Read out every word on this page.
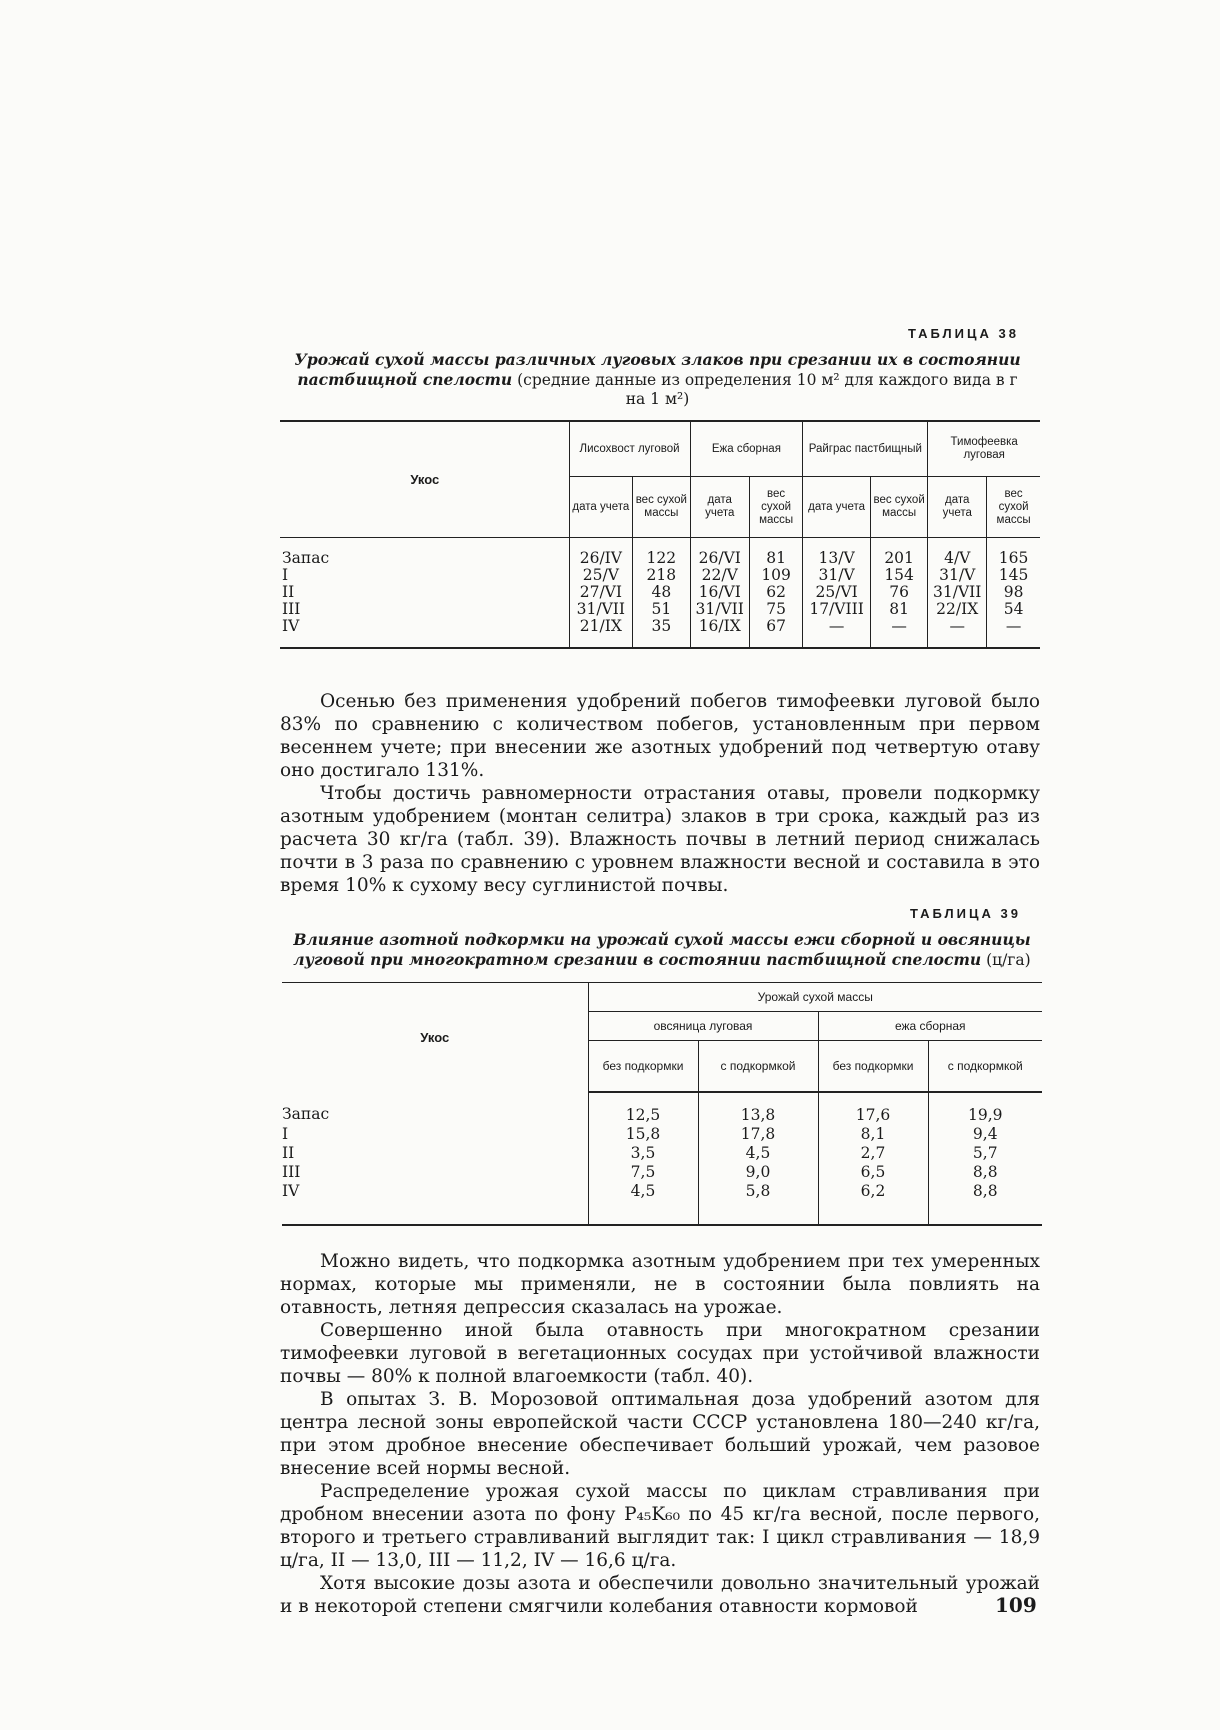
ТАБЛИЦА 38
Урожай сухой массы различных луговых злаков при срезании их в состоянии пастбищной спелости (средние данные из определения 10 м² для каждого вида в г на 1 м²)
Укос	Лисохвост луговой		Ежа сборная		Райграс пастбищный		Тимофеевка луговая	
	дата учета	вес сухой массы	дата учета	вес сухой массы	дата учета	вес сухой массы	дата учета	вес сухой массы
Запас	26/IV	122	26/VI	81	13/V	201	4/V	165
I	25/V	218	22/V	109	31/V	154	31/V	145
II	27/VI	48	16/VI	62	25/VI	76	31/VII	98
III	31/VII	51	31/VII	75	17/VIII	81	22/IX	54
IV	21/IX	35	16/IX	67	—	—	—	—

Осенью без применения удобрений побегов тимофеевки луговой было 83% по сравнению с количеством побегов, установленным при первом весеннем учете; при внесении же азотных удобрений под четвертую отаву оно достигало 131%.

Чтобы достичь равномерности отрастания отавы, провели подкормку азотным удобрением (монтан селитра) злаков в три срока, каждый раз из расчета 30 кг/га (табл. 39). Влажность почвы в летний период снижалась почти в 3 раза по сравнению с уровнем влажности весной и составила в это время 10% к сухому весу суглинистой почвы.

ТАБЛИЦА 39
Влияние азотной подкормки на урожай сухой массы ежи сборной и овсяницы луговой при многократном срезании в состоянии пастбищной спелости (ц/га)
Укос	Урожай сухой массы			
	овсяница луговая		ежа сборная	
	без подкормки	с подкормкой	без подкормки	с подкормкой
Запас	12,5	13,8	17,6	19,9
I	15,8	17,8	8,1	9,4
II	3,5	4,5	2,7	5,7
III	7,5	9,0	6,5	8,8
IV	4,5	5,8	6,2	8,8

Можно видеть, что подкормка азотным удобрением при тех умеренных нормах, которые мы применяли, не в состоянии была повлиять на отавность, летняя депрессия сказалась на урожае.

Совершенно иной была отавность при многократном срезании тимофеевки луговой в вегетационных сосудах при устойчивой влажности почвы — 80% к полной влагоемкости (табл. 40).

В опытах З. В. Морозовой оптимальная доза удобрений азотом для центра лесной зоны европейской части СССР установлена 180—240 кг/га, при этом дробное внесение обеспечивает больший урожай, чем разовое внесение всей нормы весной.

Распределение урожая сухой массы по циклам стравливания при дробном внесении азота по фону P₄₅K₆₀ по 45 кг/га весной, после первого, второго и третьего стравливаний выглядит так: I цикл стравливания — 18,9 ц/га, II — 13,0, III — 11,2, IV — 16,6 ц/га.

Хотя высокие дозы азота и обеспечили довольно значительный урожай и в некоторой степени смягчили колебания отавности кормовой	109
